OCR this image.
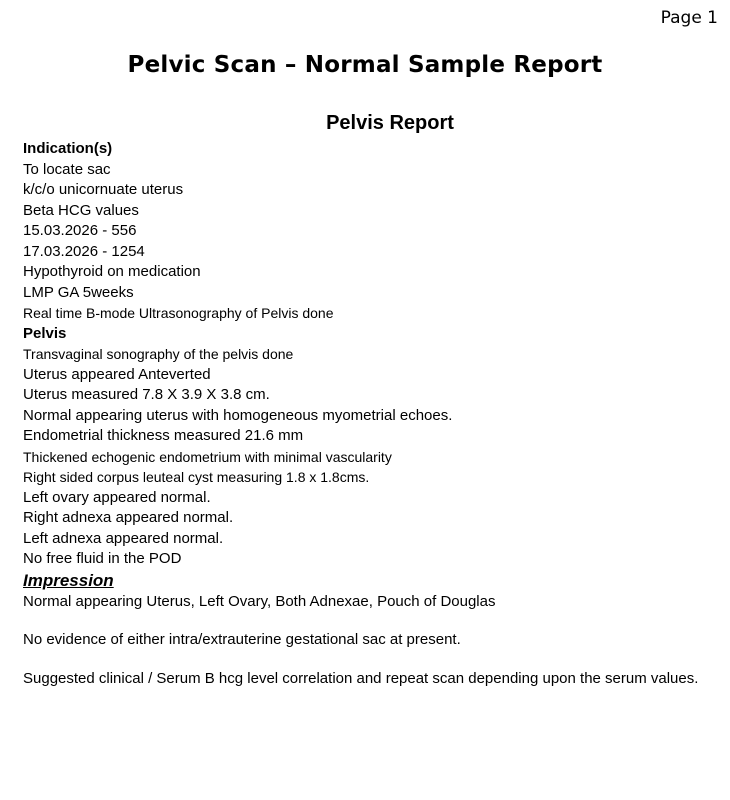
Page 1
Pelvic Scan – Normal Sample Report
Pelvis Report
Indication(s)
To locate sac
k/c/o unicornuate uterus
Beta HCG values
15.03.2026 - 556
17.03.2026 - 1254
Hypothyroid on medication
LMP GA 5weeks
Real time B-mode Ultrasonography of Pelvis done
Pelvis
Transvaginal sonography of the pelvis done
Uterus appeared Anteverted
Uterus measured 7.8 X 3.9 X 3.8 cm.
Normal appearing uterus with homogeneous myometrial echoes.
Endometrial thickness measured 21.6 mm
Thickened echogenic endometrium with minimal vascularity
Right sided corpus leuteal cyst measuring 1.8 x 1.8cms.
Left ovary appeared normal.
Right adnexa appeared normal.
Left adnexa appeared normal.
No free fluid in the POD
Impression
Normal appearing Uterus, Left Ovary, Both Adnexae, Pouch of Douglas
No evidence of either intra/extrauterine gestational sac at present.
Suggested clinical / Serum B hcg level correlation and repeat scan depending upon the serum values.
